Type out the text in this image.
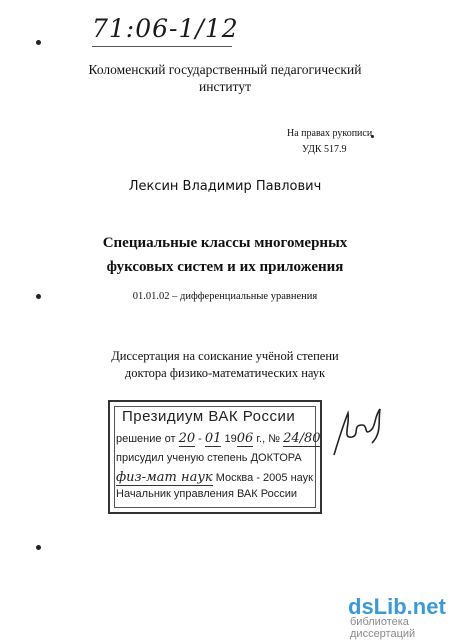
71:06-1/12
Коломенский государственный педагогический
институт
На правах рукописи
УДК 517.9
Лексин Владимир Павлович
Специальные классы многомерных
фуксовых систем и их приложения
01.01.02 – дифференциальные уравнения
Диссертация на соискание учёной степени
доктора физико-математических наук
Президиум ВАК России
решение от 20 - 01 1906 г., № 24/80
присудил ученую степень ДОКТОРА
физ-мат наук Москва - 2005 наук
Начальник управления ВАК России
dsLib.net
библиотека диссертаций
